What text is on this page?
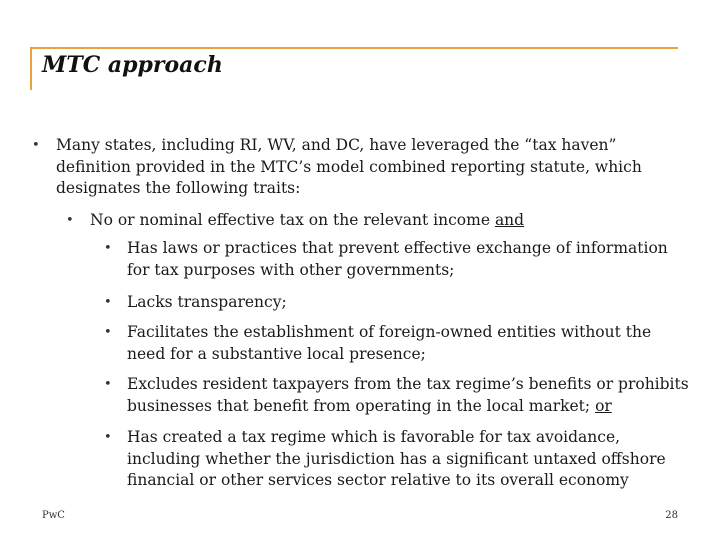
MTC approach
• Many states, including RI, WV, and DC, have leveraged the “tax haven” definition provided in the MTC’s model combined reporting statute, which designates the following traits:
• No or nominal effective tax on the relevant income and
• Has laws or practices that prevent effective exchange of information for tax purposes with other governments;
• Lacks transparency;
• Facilitates the establishment of foreign-owned entities without the need for a substantive local presence;
• Excludes resident taxpayers from the tax regime’s benefits or prohibits businesses that benefit from operating in the local market; or
• Has created a tax regime which is favorable for tax avoidance, including whether the jurisdiction has a significant untaxed offshore financial or other services sector relative to its overall economy
PwC	28
